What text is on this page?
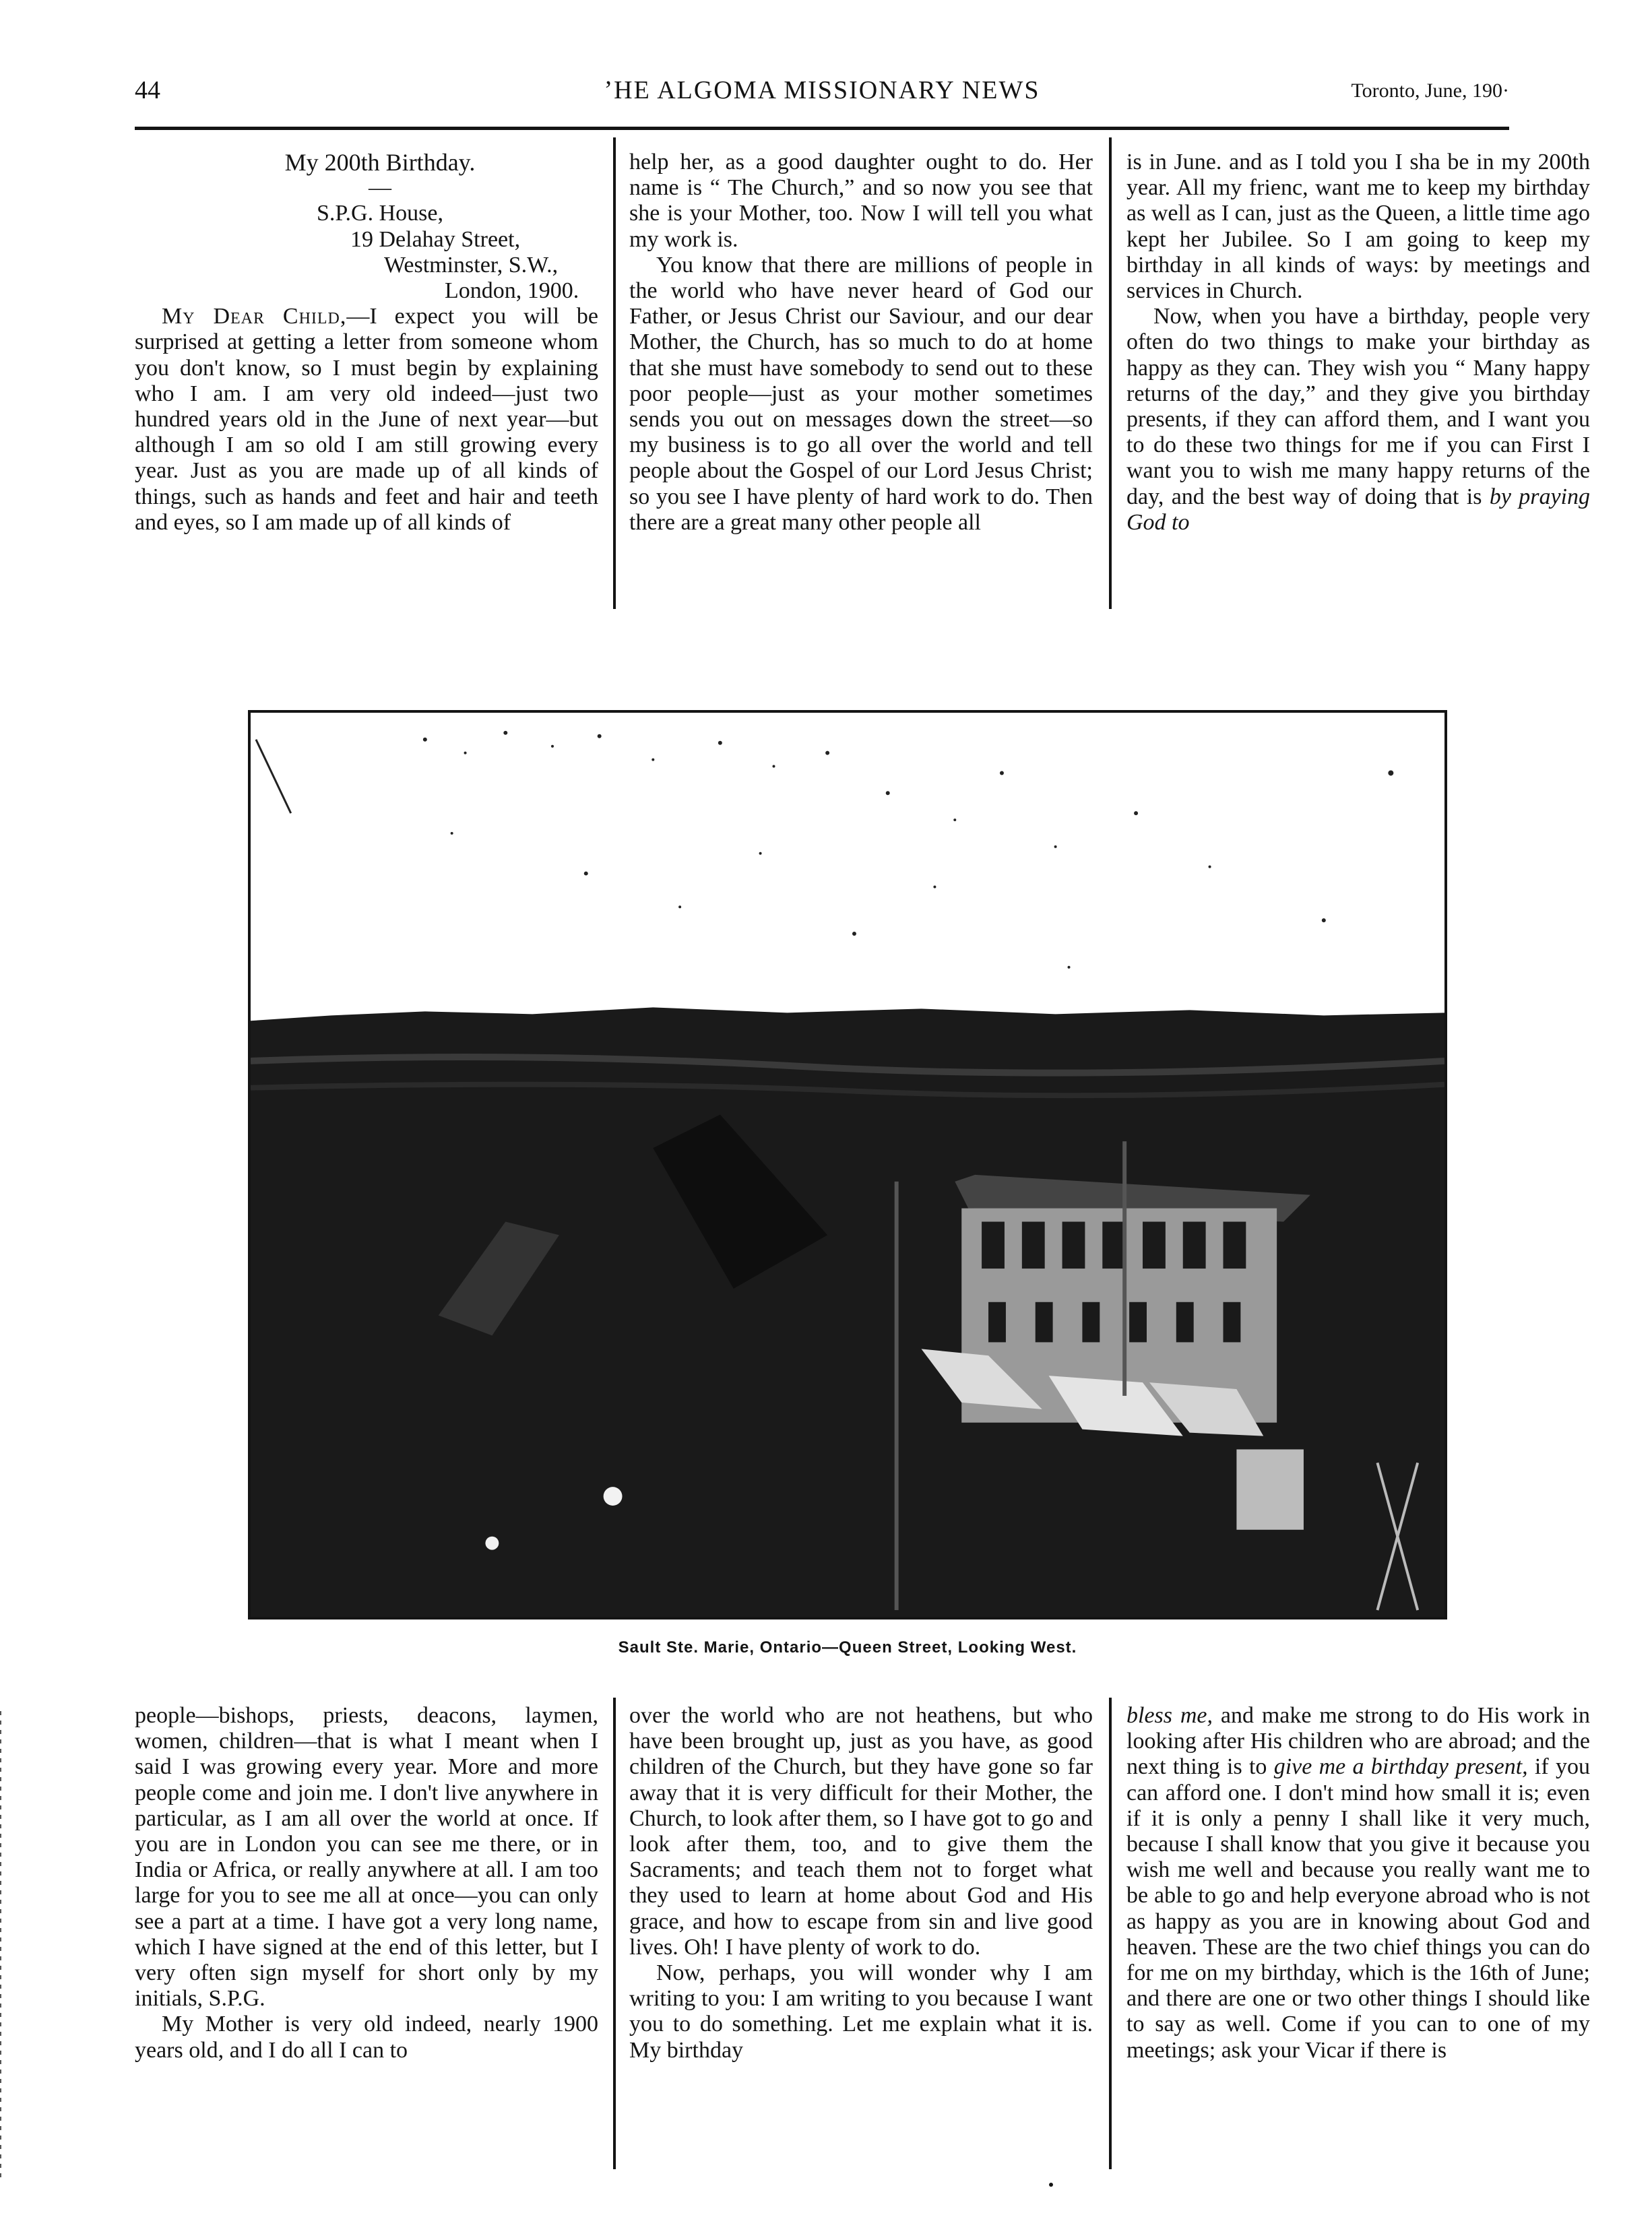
44	ʼHE ALGOMA MISSIONARY NEWS	Toronto, June, 190·

My 200th Birthday.

—

S.P.G. House,

19 Delahay Street,

Westminster, S.W.,

London, 1900.

My Dear Child,—I expect you will be surprised at getting a letter from someone whom you don't know, so I must begin by explaining who I am. I am very old indeed—just two hundred years old in the June of next year—but although I am so old I am still growing every year. Just as you are made up of all kinds of things, such as hands and feet and hair and teeth and eyes, so I am made up of all kinds of

help her, as a good daughter ought to do. Her name is “ The Church,” and so now you see that she is your Mother, too. Now I will tell you what my work is.

You know that there are millions of people in the world who have never heard of God our Father, or Jesus Christ our Saviour, and our dear Mother, the Church, has so much to do at home that she must have somebody to send out to these poor people—just as your mother sometimes sends you out on messages down the street—so my business is to go all over the world and tell people about the Gospel of our Lord Jesus Christ; so you see I have plenty of hard work to do. Then there are a great many other people all

is in June. and as I told you I sha be in my 200th year. All my frienc, want me to keep my birthday as well as I can, just as the Queen, a little time ago kept her Jubilee. So I am going to keep my birthday in all kinds of ways: by meetings and services in Church.

Now, when you have a birthday, people very often do two things to make your birthday as happy as they can. They wish you “ Many happy returns of the day,” and they give you birthday presents, if they can afford them, and I want you to do these two things for me if you can First I want you to wish me many happy returns of the day, and the best way of doing that is by praying God to

Sault Ste. Marie, Ontario—Queen Street, Looking West.

people—bishops, priests, deacons, laymen, women, children—that is what I meant when I said I was growing every year. More and more people come and join me. I don't live anywhere in particular, as I am all over the world at once. If you are in London you can see me there, or in India or Africa, or really anywhere at all. I am too large for you to see me all at once—you can only see a part at a time. I have got a very long name, which I have signed at the end of this letter, but I very often sign myself for short only by my initials, S.P.G.

My Mother is very old indeed, nearly 1900 years old, and I do all I can to

over the world who are not heathens, but who have been brought up, just as you have, as good children of the Church, but they have gone so far away that it is very difficult for their Mother, the Church, to look after them, so I have got to go and look after them, too, and to give them the Sacraments; and teach them not to forget what they used to learn at home about God and His grace, and how to escape from sin and live good lives. Oh! I have plenty of work to do.

Now, perhaps, you will wonder why I am writing to you: I am writing to you because I want you to do something. Let me explain what it is. My birthday

bless me, and make me strong to do His work in looking after His children who are abroad; and the next thing is to give me a birthday present, if you can afford one. I don't mind how small it is; even if it is only a penny I shall like it very much, because I shall know that you give it because you wish me well and because you really want me to be able to go and help everyone abroad who is not as happy as you are in knowing about God and heaven. These are the two chief things you can do for me on my birthday, which is the 16th of June; and there are one or two other things I should like to say as well. Come if you can to one of my meetings; ask your Vicar if there is
